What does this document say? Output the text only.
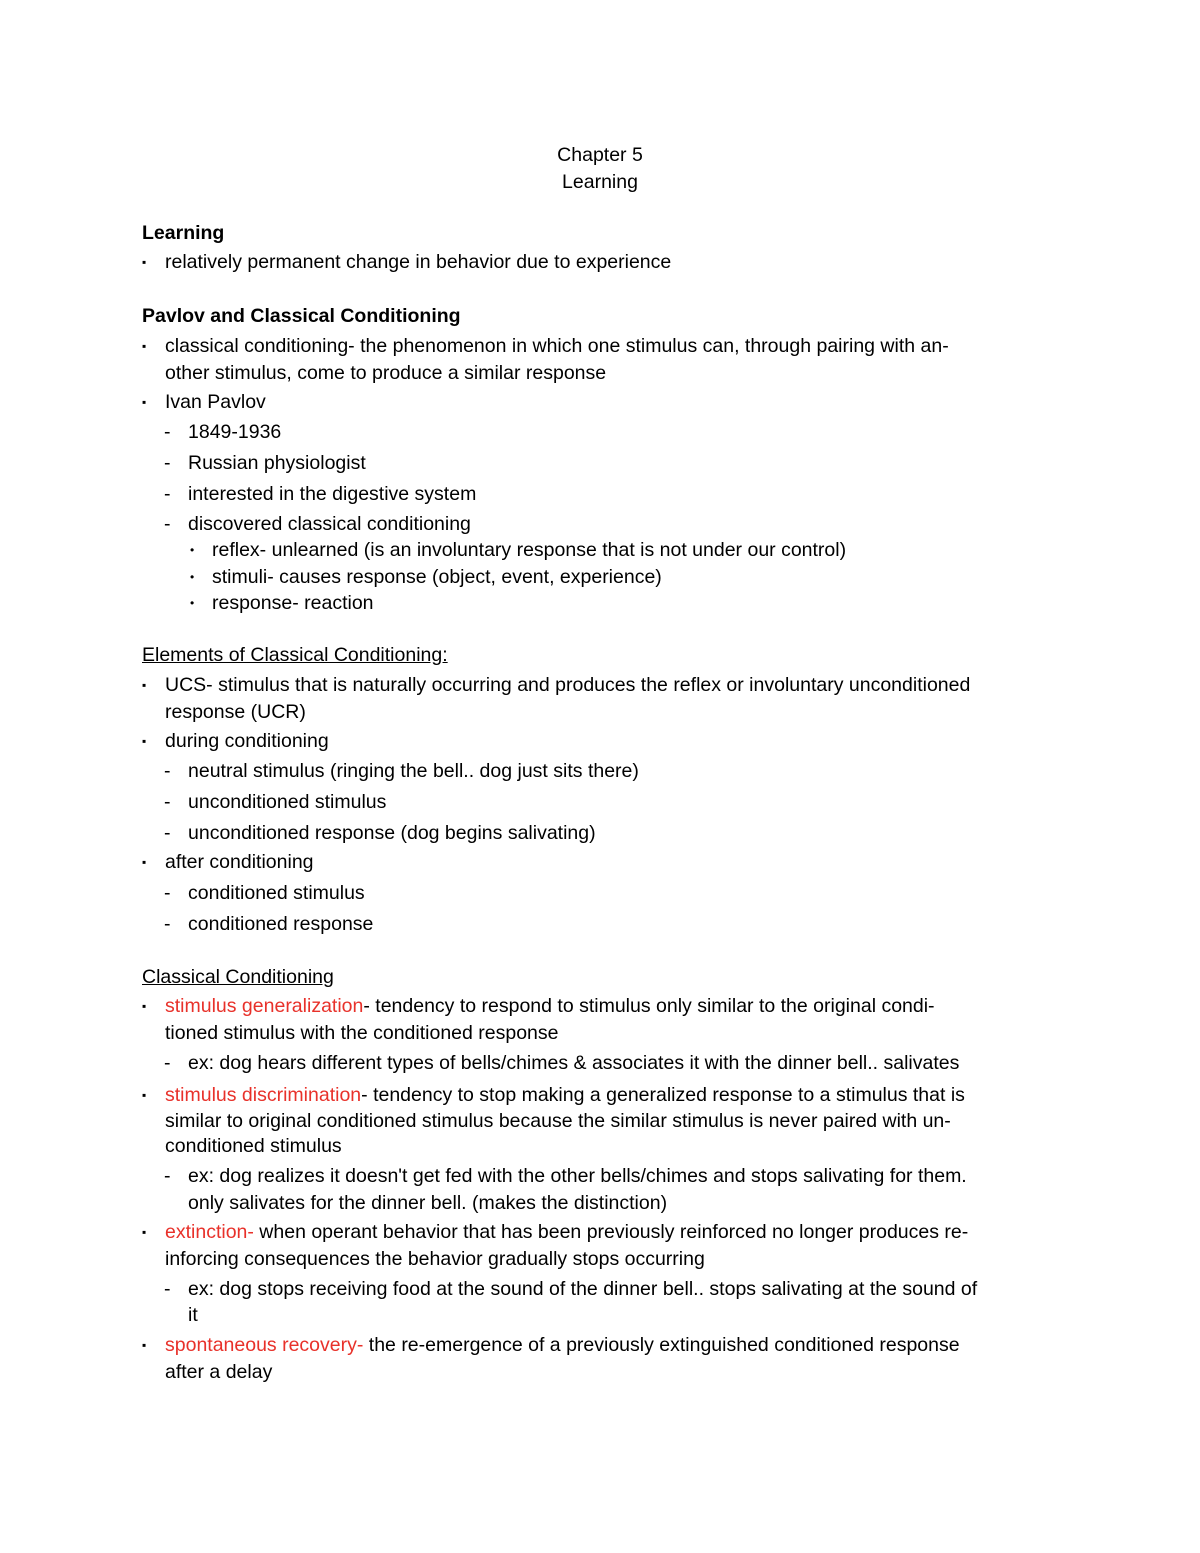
Chapter 5
Learning
Learning
▪ relatively permanent change in behavior due to experience
Pavlov and Classical Conditioning
▪ classical conditioning- the phenomenon in which one stimulus can, through pairing with an-
other stimulus, come to produce a similar response
▪ Ivan Pavlov
- 1849-1936
- Russian physiologist
- interested in the digestive system
- discovered classical conditioning
• reflex- unlearned (is an involuntary response that is not under our control)
• stimuli- causes response (object, event, experience)
• response- reaction
Elements of Classical Conditioning:
▪ UCS- stimulus that is naturally occurring and produces the reflex or involuntary unconditioned
response (UCR)
▪ during conditioning
- neutral stimulus (ringing the bell.. dog just sits there)
- unconditioned stimulus
- unconditioned response (dog begins salivating)
▪ after conditioning
- conditioned stimulus
- conditioned response
Classical Conditioning
▪ stimulus generalization- tendency to respond to stimulus only similar to the original condi-
tioned stimulus with the conditioned response
- ex: dog hears different types of bells/chimes & associates it with the dinner bell.. salivates
▪ stimulus discrimination- tendency to stop making a generalized response to a stimulus that is
similar to original conditioned stimulus because the similar stimulus is never paired with un-
conditioned stimulus
- ex: dog realizes it doesn't get fed with the other bells/chimes and stops salivating for them.
only salivates for the dinner bell. (makes the distinction)
▪ extinction- when operant behavior that has been previously reinforced no longer produces re-
inforcing consequences the behavior gradually stops occurring
- ex: dog stops receiving food at the sound of the dinner bell.. stops salivating at the sound of
it
▪ spontaneous recovery- the re-emergence of a previously extinguished conditioned response
after a delay
